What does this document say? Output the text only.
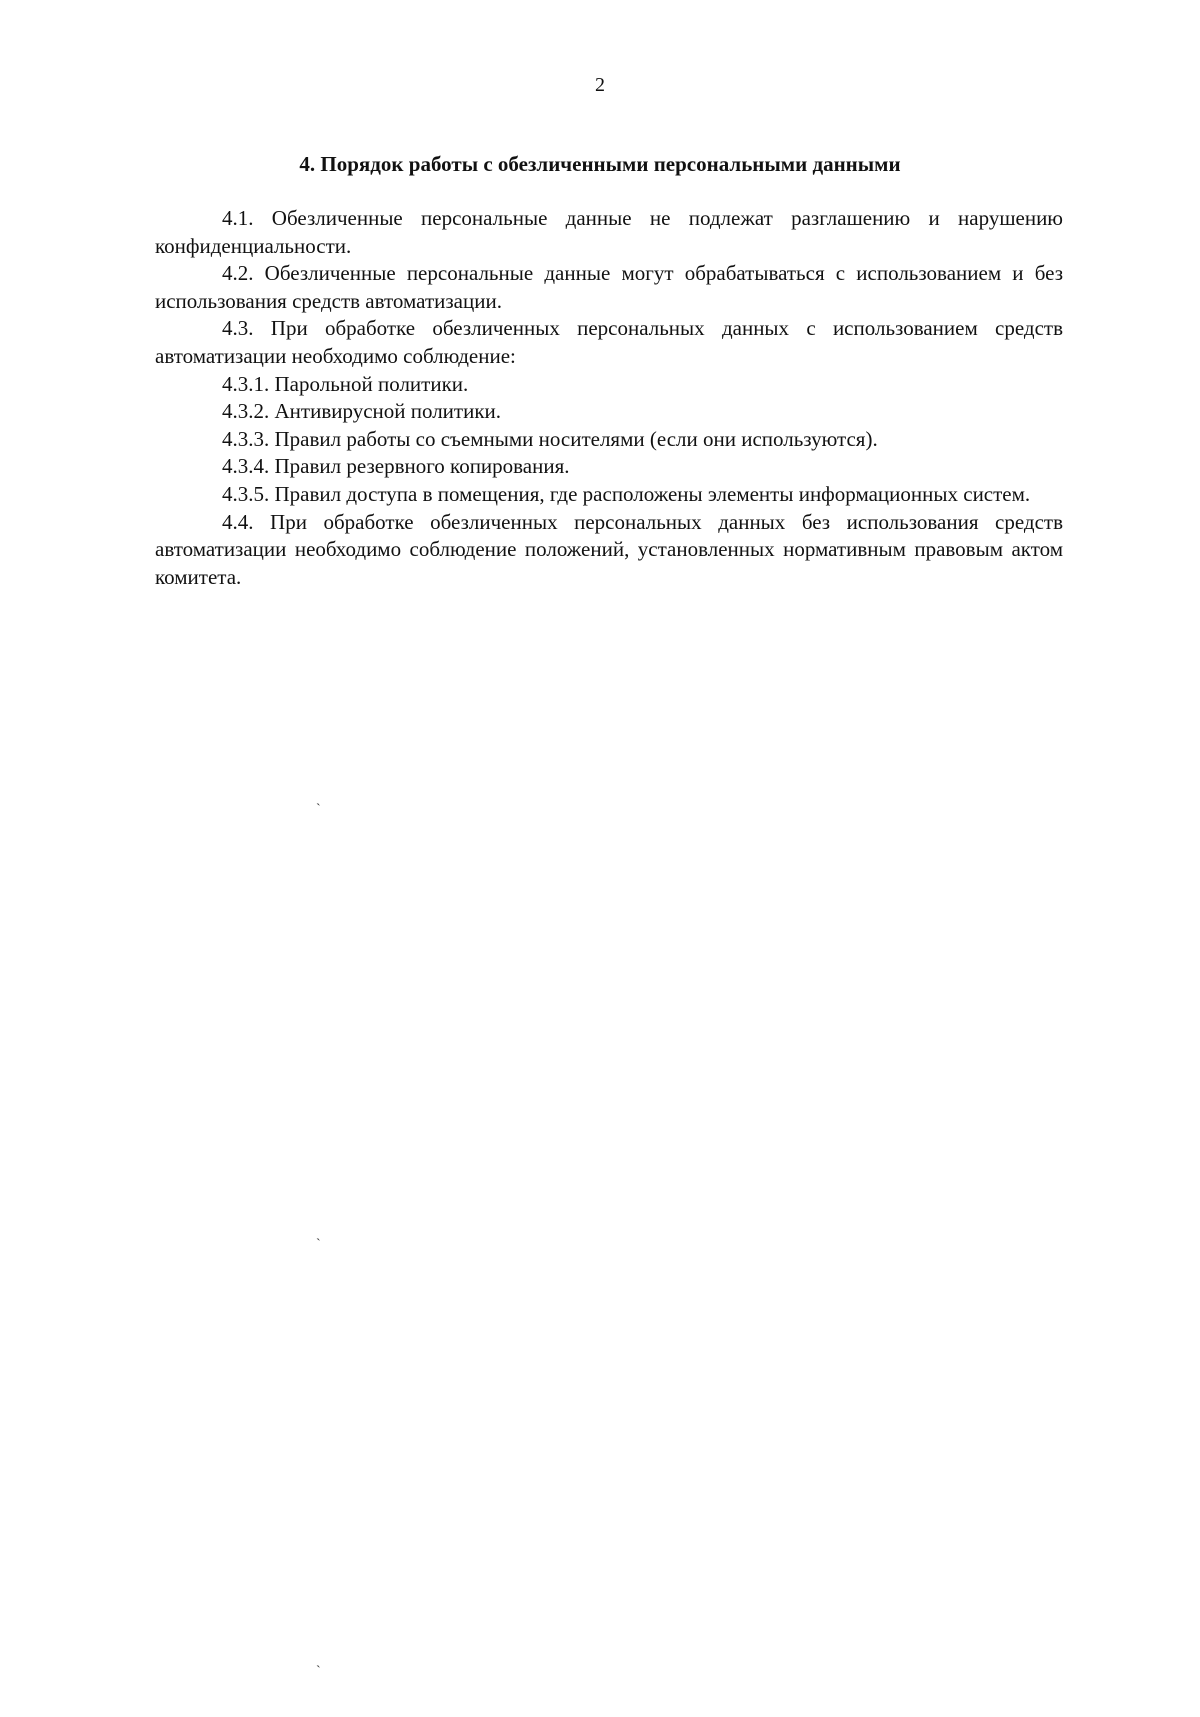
2
4. Порядок работы с обезличенными персональными данными

4.1. Обезличенные персональные данные не подлежат разглашению и нарушению конфиденциальности.

4.2. Обезличенные персональные данные могут обрабатываться с использованием и без использования средств автоматизации.

4.3. При обработке обезличенных персональных данных с использованием средств автоматизации необходимо соблюдение:

4.3.1. Парольной политики.

4.3.2. Антивирусной политики.

4.3.3. Правил работы со съемными носителями (если они используются).

4.3.4. Правил резервного копирования.

4.3.5. Правил доступа в помещения, где расположены элементы информационных систем.

4.4. При обработке обезличенных персональных данных без использования средств автоматизации необходимо соблюдение положений, установленных нормативным правовым актом комитета.

`
`
`
